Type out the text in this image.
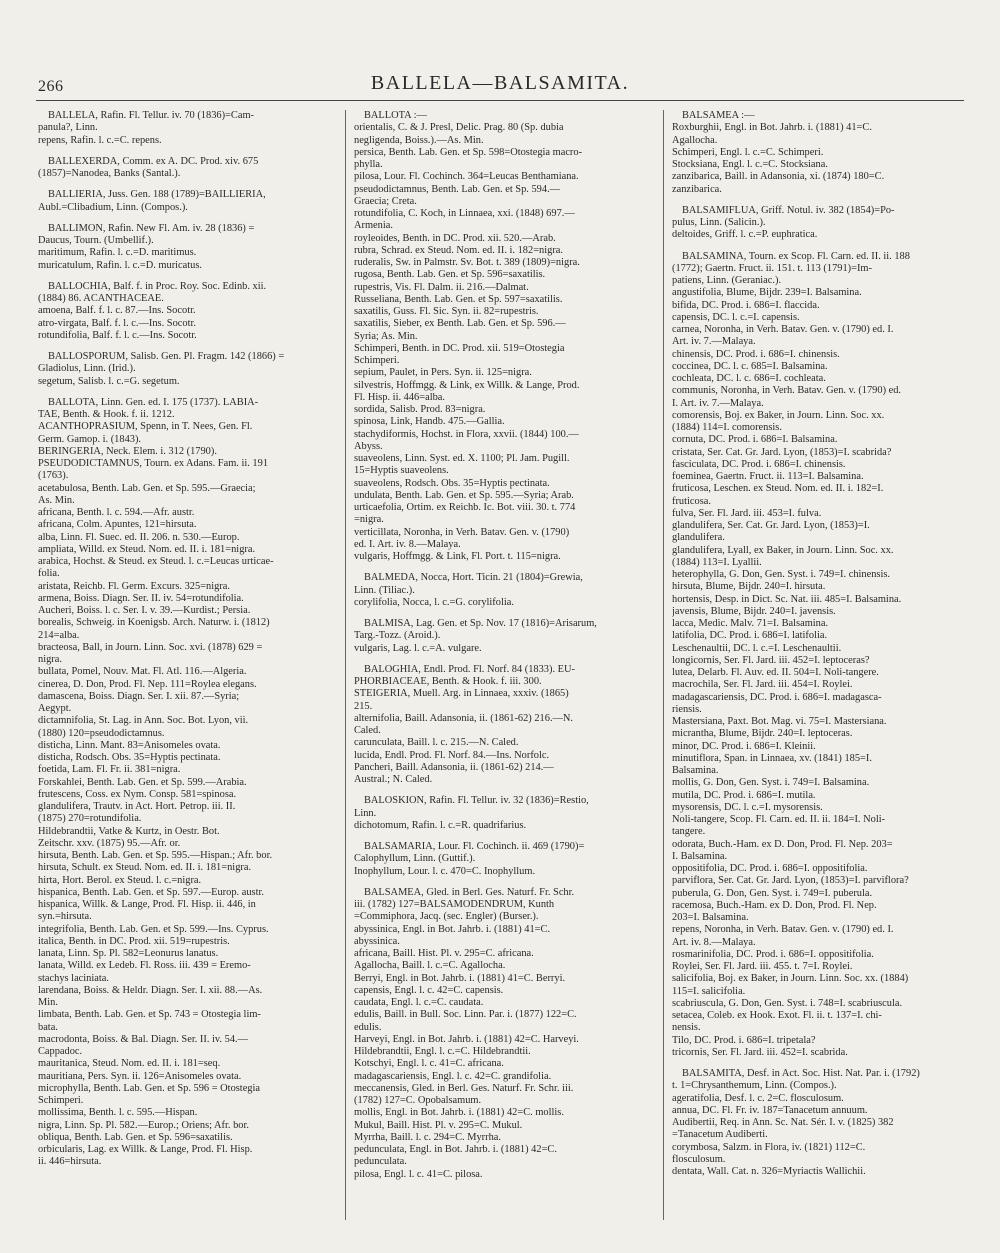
266	BALLELA—BALSAMITA.
BALLELA, Rafin. Fl. Tellur. iv. 70 (1836)=Cam-
panula?, Linn.
repens, Rafin. l. c.=C. repens.
BALLEXERDA, Comm. ex A. DC. Prod. xiv. 675
(1857)=Nanodea, Banks (Santal.).
BALLIERIA, Juss. Gen. 188 (1789)=BAILLIERIA,
Aubl.=Clibadium, Linn. (Compos.).
BALLIMON, Rafin. New Fl. Am. iv. 28 (1836) =
Daucus, Tourn. (Umbellif.).
maritimum, Rafin. l. c.=D. maritimus.
muricatulum, Rafin. l. c.=D. muricatus.
BALLOCHIA, Balf. f. in Proc. Roy. Soc. Edinb. xii.
(1884) 86. ACANTHACEAE.
amoena, Balf. f. l. c. 87.—Ins. Socotr.
atro-virgata, Balf. f. l. c.—Ins. Socotr.
rotundifolia, Balf. f. l. c.—Ins. Socotr.
BALLOSPORUM, Salisb. Gen. Pl. Fragm. 142 (1866) =
Gladiolus, Linn. (Irid.).
segetum, Salisb. l. c.=G. segetum.
BALLOTA, Linn. Gen. ed. I. 175 (1737). LABIA-
TAE, Benth. & Hook. f. ii. 1212.
ACANTHOPRASIUM, Spenn, in T. Nees, Gen. Fl.
Germ. Gamop. i. (1843).
BERINGERIA, Neck. Elem. i. 312 (1790).
PSEUDODICTAMNUS, Tourn. ex Adans. Fam. ii. 191
(1763).
acetabulosa, Benth. Lab. Gen. et Sp. 595.—Graecia;
As. Min.
africana, Benth. l. c. 594.—Afr. austr.
africana, Colm. Apuntes, 121=hirsuta.
alba, Linn. Fl. Suec. ed. II. 206. n. 530.—Europ.
ampliata, Willd. ex Steud. Nom. ed. II. i. 181=nigra.
arabica, Hochst. & Steud. ex Steud. l. c.=Leucas urticae-
folia.
aristata, Reichb. Fl. Germ. Excurs. 325=nigra.
armena, Boiss. Diagn. Ser. II. iv. 54=rotundifolia.
Aucheri, Boiss. l. c. Ser. I. v. 39.—Kurdist.; Persia.
borealis, Schweig. in Koenigsb. Arch. Naturw. i. (1812)
214=alba.
bracteosa, Ball, in Journ. Linn. Soc. xvi. (1878) 629 =
nigra.
bullata, Pomel, Nouv. Mat. Fl. Atl. 116.—Algeria.
cinerea, D. Don, Prod. Fl. Nep. 111=Roylea elegans.
damascena, Boiss. Diagn. Ser. I. xii. 87.—Syria;
Aegypt.
dictamnifolia, St. Lag. in Ann. Soc. Bot. Lyon, vii.
(1880) 120=pseudodictamnus.
disticha, Linn. Mant. 83=Anisomeles ovata.
disticha, Rodsch. Obs. 35=Hyptis pectinata.
foetida, Lam. Fl. Fr. ii. 381=nigra.
Forskahlei, Benth. Lab. Gen. et Sp. 599.—Arabia.
frutescens, Coss. ex Nym. Consp. 581=spinosa.
glandulifera, Trautv. in Act. Hort. Petrop. iii. II.
(1875) 270=rotundifolia.
Hildebrandtii, Vatke & Kurtz, in Oestr. Bot.
Zeitschr. xxv. (1875) 95.—Afr. or.
hirsuta, Benth. Lab. Gen. et Sp. 595.—Hispan.; Afr. bor.
hirsuta, Schult. ex Steud. Nom. ed. II. i. 181=nigra.
hirta, Hort. Berol. ex Steud. l. c.=nigra.
hispanica, Benth. Lab. Gen. et Sp. 597.—Europ. austr.
hispanica, Willk. & Lange, Prod. Fl. Hisp. ii. 446, in
syn.=hirsuta.
integrifolia, Benth. Lab. Gen. et Sp. 599.—Ins. Cyprus.
italica, Benth. in DC. Prod. xii. 519=rupestris.
lanata, Linn. Sp. Pl. 582=Leonurus lanatus.
lanata, Willd. ex Ledeb. Fl. Ross. iii. 439 = Eremo-
stachys laciniata.
larendana, Boiss. & Heldr. Diagn. Ser. I. xii. 88.—As.
Min.
limbata, Benth. Lab. Gen. et Sp. 743 = Otostegia lim-
bata.
macrodonta, Boiss. & Bal. Diagn. Ser. II. iv. 54.—
Cappadoc.
mauritanica, Steud. Nom. ed. II. i. 181=seq.
mauritiana, Pers. Syn. ii. 126=Anisomeles ovata.
microphylla, Benth. Lab. Gen. et Sp. 596 = Otostegia
Schimperi.
mollissima, Benth. l. c. 595.—Hispan.
nigra, Linn. Sp. Pl. 582.—Europ.; Oriens; Afr. bor.
obliqua, Benth. Lab. Gen. et Sp. 596=saxatilis.
orbicularis, Lag. ex Willk. & Lange, Prod. Fl. Hisp.
ii. 446=hirsuta.
BALLOTA :—
orientalis, C. & J. Presl, Delic. Prag. 80 (Sp. dubia
negligenda, Boiss.).—As. Min.
persica, Benth. Lab. Gen. et Sp. 598=Otostegia macro-
phylla.
pilosa, Lour. Fl. Cochinch. 364=Leucas Benthamiana.
pseudodictamnus, Benth. Lab. Gen. et Sp. 594.—
Graecia; Creta.
rotundifolia, C. Koch, in Linnaea, xxi. (1848) 697.—
Armenia.
royleoides, Benth. in DC. Prod. xii. 520.—Arab.
rubra, Schrad. ex Steud. Nom. ed. II. i. 182=nigra.
ruderalis, Sw. in Palmstr. Sv. Bot. t. 389 (1809)=nigra.
rugosa, Benth. Lab. Gen. et Sp. 596=saxatilis.
rupestris, Vis. Fl. Dalm. ii. 216.—Dalmat.
Russeliana, Benth. Lab. Gen. et Sp. 597=saxatilis.
saxatilis, Guss. Fl. Sic. Syn. ii. 82=rupestris.
saxatilis, Sieber, ex Benth. Lab. Gen. et Sp. 596.—
Syria; As. Min.
Schimperi, Benth. in DC. Prod. xii. 519=Otostegia
Schimperi.
sepium, Paulet, in Pers. Syn. ii. 125=nigra.
silvestris, Hoffmgg. & Link, ex Willk. & Lange, Prod.
Fl. Hisp. ii. 446=alba.
sordida, Salisb. Prod. 83=nigra.
spinosa, Link, Handb. 475.—Gallia.
stachydiformis, Hochst. in Flora, xxvii. (1844) 100.—
Abyss.
suaveolens, Linn. Syst. ed. X. 1100; Pl. Jam. Pugill.
15=Hyptis suaveolens.
suaveolens, Rodsch. Obs. 35=Hyptis pectinata.
undulata, Benth. Lab. Gen. et Sp. 595.—Syria; Arab.
urticaefolia, Ortim. ex Reichb. Ic. Bot. viii. 30. t. 774
=nigra.
verticillata, Noronha, in Verh. Batav. Gen. v. (1790)
ed. I. Art. iv. 8.—Malaya.
vulgaris, Hoffmgg. & Link, Fl. Port. t. 115=nigra.
BALMEDA, Nocca, Hort. Ticin. 21 (1804)=Grewia,
Linn. (Tiliac.).
corylifolia, Nocca, l. c.=G. corylifolia.
BALMISA, Lag. Gen. et Sp. Nov. 17 (1816)=Arisarum,
Targ.-Tozz. (Aroid.).
vulgaris, Lag. l. c.=A. vulgare.
BALOGHIA, Endl. Prod. Fl. Norf. 84 (1833). EU-
PHORBIACEAE, Benth. & Hook. f. iii. 300.
STEIGERIA, Muell. Arg. in Linnaea, xxxiv. (1865)
215.
alternifolia, Baill. Adansonia, ii. (1861-62) 216.—N.
Caled.
carunculata, Baill. l. c. 215.—N. Caled.
lucida, Endl. Prod. Fl. Norf. 84.—Ins. Norfolc.
Pancheri, Baill. Adansonia, ii. (1861-62) 214.—
Austral.; N. Caled.
BALOSKION, Rafin. Fl. Tellur. iv. 32 (1836)=Restio,
Linn.
dichotomum, Rafin. l. c.=R. quadrifarius.
BALSAMARIA, Lour. Fl. Cochinch. ii. 469 (1790)=
Calophyllum, Linn. (Guttif.).
Inophyllum, Lour. l. c. 470=C. Inophyllum.
BALSAMEA, Gled. in Berl. Ges. Naturf. Fr. Schr.
iii. (1782) 127=BALSAMODENDRUM, Kunth
=Commiphora, Jacq. (sec. Engler) (Burser.).
abyssinica, Engl. in Bot. Jahrb. i. (1881) 41=C.
abyssinica.
africana, Baill. Hist. Pl. v. 295=C. africana.
Agallocha, Baill. l. c.=C. Agallocha.
Berryi, Engl. in Bot. Jahrb. i. (1881) 41=C. Berryi.
capensis, Engl. l. c. 42=C. capensis.
caudata, Engl. l. c.=C. caudata.
edulis, Baill. in Bull. Soc. Linn. Par. i. (1877) 122=C.
edulis.
Harveyi, Engl. in Bot. Jahrb. i. (1881) 42=C. Harveyi.
Hildebrandtii, Engl. l. c.=C. Hildebrandtii.
Kotschyi, Engl. l. c. 41=C. africana.
madagascariensis, Engl. l. c. 42=C. grandifolia.
meccanensis, Gled. in Berl. Ges. Naturf. Fr. Schr. iii.
(1782) 127=C. Opobalsamum.
mollis, Engl. in Bot. Jahrb. i. (1881) 42=C. mollis.
Mukul, Baill. Hist. Pl. v. 295=C. Mukul.
Myrrha, Baill. l. c. 294=C. Myrrha.
pedunculata, Engl. in Bot. Jahrb. i. (1881) 42=C.
pedunculata.
pilosa, Engl. l. c. 41=C. pilosa.
BALSAMEA :—
Roxburghii, Engl. in Bot. Jahrb. i. (1881) 41=C.
Agallocha.
Schimperi, Engl. l. c.=C. Schimperi.
Stocksiana, Engl. l. c.=C. Stocksiana.
zanzibarica, Baill. in Adansonia, xi. (1874) 180=C.
zanzibarica.
BALSAMIFLUA, Griff. Notul. iv. 382 (1854)=Po-
pulus, Linn. (Salicin.).
deltoides, Griff. l. c.=P. euphratica.
BALSAMINA, Tourn. ex Scop. Fl. Carn. ed. II. ii. 188
(1772); Gaertn. Fruct. ii. 151. t. 113 (1791)=Im-
patiens, Linn. (Geraniac.).
angustifolia, Blume, Bijdr. 239=I. Balsamina.
bifida, DC. Prod. i. 686=I. flaccida.
capensis, DC. l. c.=I. capensis.
carnea, Noronha, in Verh. Batav. Gen. v. (1790) ed. I.
Art. iv. 7.—Malaya.
chinensis, DC. Prod. i. 686=I. chinensis.
coccinea, DC. l. c. 685=I. Balsamina.
cochleata, DC. l. c. 686=I. cochleata.
communis, Noronha, in Verh. Batav. Gen. v. (1790) ed.
I. Art. iv. 7.—Malaya.
comorensis, Boj. ex Baker, in Journ. Linn. Soc. xx.
(1884) 114=I. comorensis.
cornuta, DC. Prod. i. 686=I. Balsamina.
cristata, Ser. Cat. Gr. Jard. Lyon, (1853)=I. scabrida?
fasciculata, DC. Prod. i. 686=I. chinensis.
foeminea, Gaertn. Fruct. ii. 113=I. Balsamina.
fruticosa, Leschen. ex Steud. Nom. ed. II. i. 182=I.
fruticosa.
fulva, Ser. Fl. Jard. iii. 453=I. fulva.
glandulifera, Ser. Cat. Gr. Jard. Lyon, (1853)=I.
glandulifera.
glandulifera, Lyall, ex Baker, in Journ. Linn. Soc. xx.
(1884) 113=I. Lyallii.
heterophylla, G. Don, Gen. Syst. i. 749=I. chinensis.
hirsuta, Blume, Bijdr. 240=I. hirsuta.
hortensis, Desp. in Dict. Sc. Nat. iii. 485=I. Balsamina.
javensis, Blume, Bijdr. 240=I. javensis.
lacca, Medic. Malv. 71=I. Balsamina.
latifolia, DC. Prod. i. 686=I. latifolia.
Leschenaultii, DC. l. c.=I. Leschenaultii.
longicornis, Ser. Fl. Jard. iii. 452=I. leptoceras?
lutea, Delarb. Fl. Auv. ed. II. 504=I. Noli-tangere.
macrochila, Ser. Fl. Jard. iii. 454=I. Roylei.
madagascariensis, DC. Prod. i. 686=I. madagasca-
riensis.
Mastersiana, Paxt. Bot. Mag. vi. 75=I. Mastersiana.
micrantha, Blume, Bijdr. 240=I. leptoceras.
minor, DC. Prod. i. 686=I. Kleinii.
minutiflora, Span. in Linnaea, xv. (1841) 185=I.
Balsamina.
mollis, G. Don, Gen. Syst. i. 749=I. Balsamina.
mutila, DC. Prod. i. 686=I. mutila.
mysorensis, DC. l. c.=I. mysorensis.
Noli-tangere, Scop. Fl. Carn. ed. II. ii. 184=I. Noli-
tangere.
odorata, Buch.-Ham. ex D. Don, Prod. Fl. Nep. 203=
I. Balsamina.
oppositifolia, DC. Prod. i. 686=I. oppositifolia.
parviflora, Ser. Cat. Gr. Jard. Lyon, (1853)=I. parviflora?
puberula, G. Don, Gen. Syst. i. 749=I. puberula.
racemosa, Buch.-Ham. ex D. Don, Prod. Fl. Nep.
203=I. Balsamina.
repens, Noronha, in Verh. Batav. Gen. v. (1790) ed. I.
Art. iv. 8.—Malaya.
rosmarinifolia, DC. Prod. i. 686=I. oppositifolia.
Roylei, Ser. Fl. Jard. iii. 455. t. 7=I. Roylei.
salicifolia, Boj. ex Baker, in Journ. Linn. Soc. xx. (1884)
115=I. salicifolia.
scabriuscula, G. Don, Gen. Syst. i. 748=I. scabriuscula.
setacea, Coleb. ex Hook. Exot. Fl. ii. t. 137=I. chi-
nensis.
Tilo, DC. Prod. i. 686=I. tripetala?
tricornis, Ser. Fl. Jard. iii. 452=I. scabrida.
BALSAMITA, Desf. in Act. Soc. Hist. Nat. Par. i. (1792)
t. 1=Chrysanthemum, Linn. (Compos.).
ageratifolia, Desf. l. c. 2=C. flosculosum.
annua, DC. Fl. Fr. iv. 187=Tanacetum annuum.
Audibertii, Req. in Ann. Sc. Nat. Sér. I. v. (1825) 382
=Tanacetum Audiberti.
corymbosa, Salzm. in Flora, iv. (1821) 112=C.
flosculosum.
dentata, Wall. Cat. n. 326=Myriactis Wallichii.
